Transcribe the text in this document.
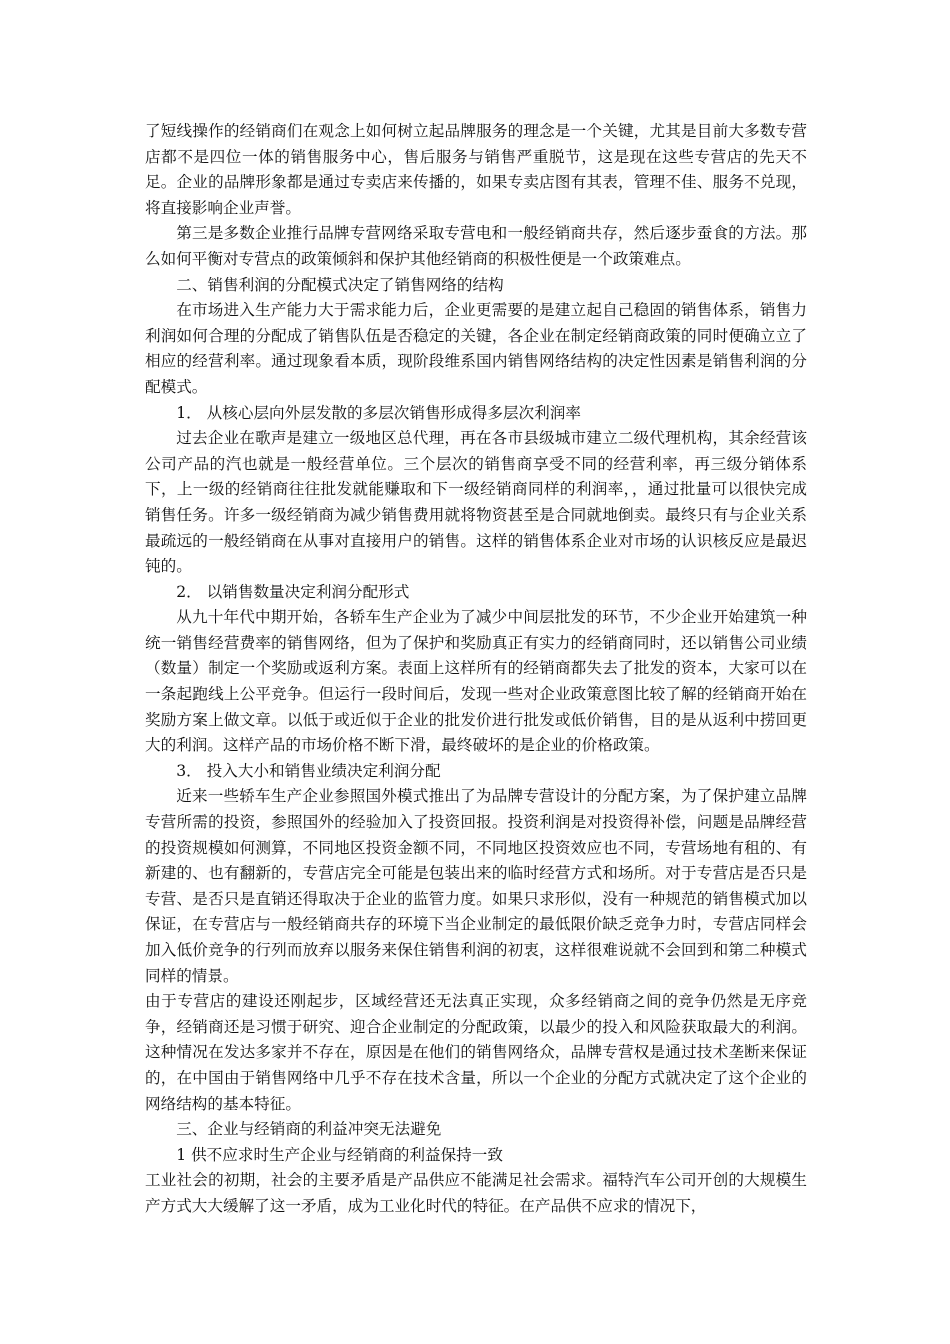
了短线操作的经销商们在观念上如何树立起品牌服务的理念是一个关键，尤其是目前大多数专营店都不是四位一体的销售服务中心，售后服务与销售严重脱节，这是现在这些专营店的先天不足。企业的品牌形象都是通过专卖店来传播的，如果专卖店图有其表，管理不佳、服务不兑现，将直接影响企业声誉。

第三是多数企业推行品牌专营网络采取专营电和一般经销商共存，然后逐步蚕食的方法。那么如何平衡对专营点的政策倾斜和保护其他经销商的积极性便是一个政策难点。

二、销售利润的分配模式决定了销售网络的结构

在市场进入生产能力大于需求能力后，企业更需要的是建立起自己稳固的销售体系，销售力利润如何合理的分配成了销售队伍是否稳定的关键，各企业在制定经销商政策的同时便确立立了相应的经营利率。通过现象看本质，现阶段维系国内销售网络结构的决定性因素是销售利润的分配模式。

1． 从核心层向外层发散的多层次销售形成得多层次利润率

过去企业在歌声是建立一级地区总代理，再在各市县级城市建立二级代理机构，其余经营该公司产品的汽也就是一般经营单位。三个层次的销售商享受不同的经营利率，再三级分销体系下，上一级的经销商往往批发就能赚取和下一级经销商同样的利润率，，通过批量可以很快完成销售任务。许多一级经销商为减少销售费用就将物资甚至是合同就地倒卖。最终只有与企业关系最疏远的一般经销商在从事对直接用户的销售。这样的销售体系企业对市场的认识核反应是最迟钝的。

2． 以销售数量决定利润分配形式

从九十年代中期开始，各轿车生产企业为了减少中间层批发的环节，不少企业开始建筑一种统一销售经营费率的销售网络，但为了保护和奖励真正有实力的经销商同时，还以销售公司业绩（数量）制定一个奖励或返利方案。表面上这样所有的经销商都失去了批发的资本，大家可以在一条起跑线上公平竞争。但运行一段时间后，发现一些对企业政策意图比较了解的经销商开始在奖励方案上做文章。以低于或近似于企业的批发价进行批发或低价销售，目的是从返利中捞回更大的利润。这样产品的市场价格不断下滑，最终破坏的是企业的价格政策。

3． 投入大小和销售业绩决定利润分配

近来一些轿车生产企业参照国外模式推出了为品牌专营设计的分配方案，为了保护建立品牌专营所需的投资，参照国外的经验加入了投资回报。投资利润是对投资得补偿，问题是品牌经营的投资规模如何测算，不同地区投资金额不同，不同地区投资效应也不同，专营场地有租的、有新建的、也有翻新的，专营店完全可能是包装出来的临时经营方式和场所。对于专营店是否只是专营、是否只是直销还得取决于企业的监管力度。如果只求形似，没有一种规范的销售模式加以保证，在专营店与一般经销商共存的环境下当企业制定的最低限价缺乏竞争力时，专营店同样会加入低价竞争的行列而放弃以服务来保住销售利润的初衷，这样很难说就不会回到和第二种模式同样的情景。

由于专营店的建设还刚起步，区域经营还无法真正实现，众多经销商之间的竞争仍然是无序竞争，经销商还是习惯于研究、迎合企业制定的分配政策，以最少的投入和风险获取最大的利润。这种情况在发达多家并不存在，原因是在他们的销售网络众，品牌专营权是通过技术垄断来保证的，在中国由于销售网络中几乎不存在技术含量，所以一个企业的分配方式就决定了这个企业的网络结构的基本特征。

三、企业与经销商的利益冲突无法避免

1 供不应求时生产企业与经销商的利益保持一致

工业社会的初期，社会的主要矛盾是产品供应不能满足社会需求。福特汽车公司开创的大规模生产方式大大缓解了这一矛盾，成为工业化时代的特征。在产品供不应求的情况下，
